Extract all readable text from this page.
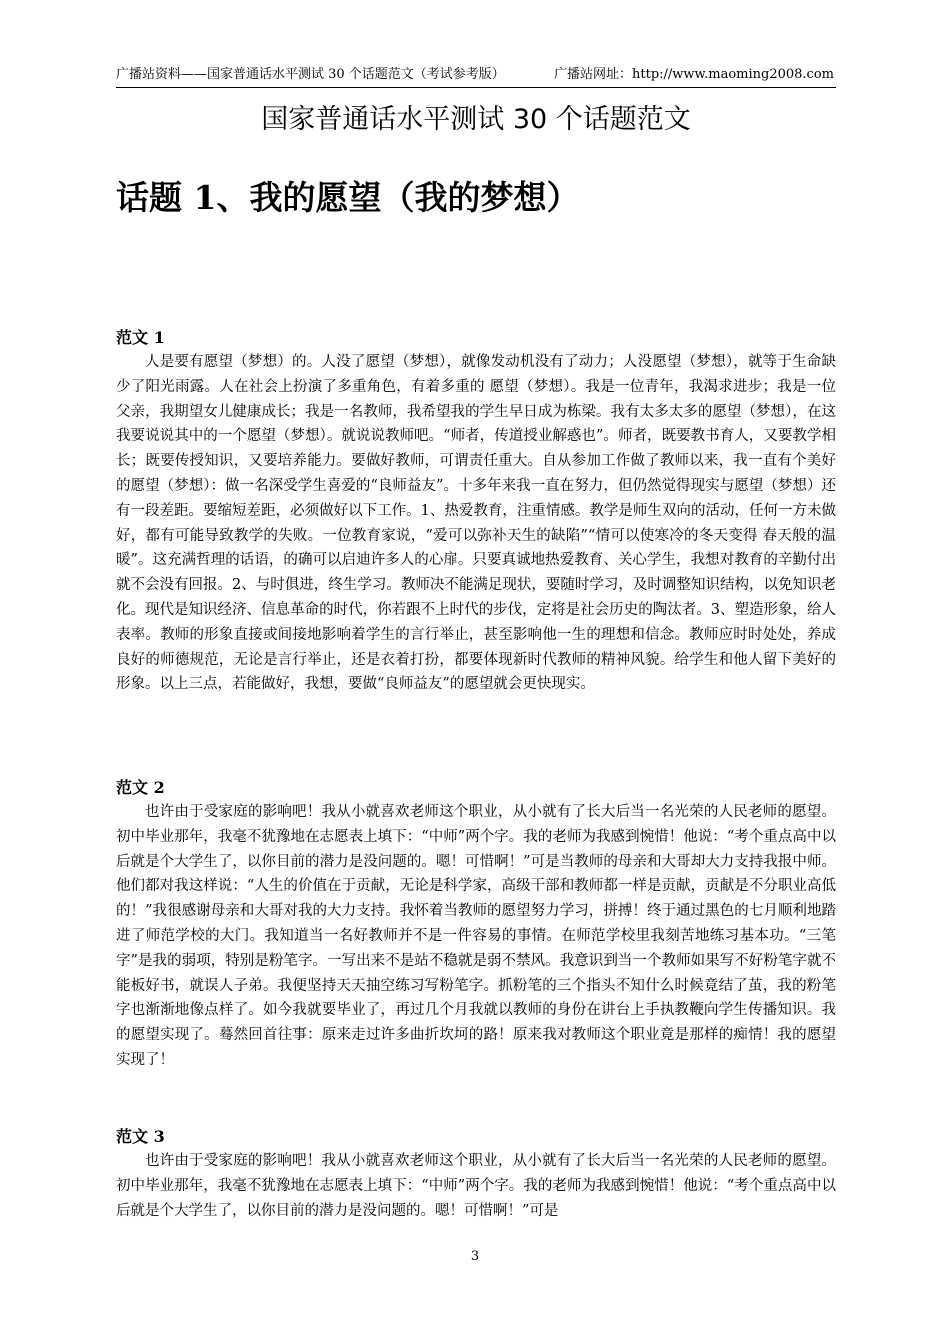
广播站资料——国家普通话水平测试 30 个话题范文（考试参考版）	广播站网址：http://www.maoming2008.com
国家普通话水平测试 30 个话题范文
话题 1、我的愿望（我的梦想）
范文 1

人是要有愿望（梦想）的。人没了愿望（梦想），就像发动机没有了动力；人没愿望（梦想），就等于生命缺少了阳光雨露。人在社会上扮演了多重角色，有着多重的 愿望（梦想）。我是一位青年，我渴求进步；我是一位父亲，我期望女儿健康成长；我是一名教师，我希望我的学生早日成为栋梁。我有太多太多的愿望（梦想），在这我要说说其中的一个愿望（梦想）。就说说教师吧。“师者，传道授业解惑也”。师者，既要教书育人，又要教学相长；既要传授知识，又要培养能力。要做好教师，可谓责任重大。自从参加工作做了教师以来，我一直有个美好的愿望（梦想）：做一名深受学生喜爱的“良师益友”。十多年来我一直在努力，但仍然觉得现实与愿望（梦想）还有一段差距。要缩短差距，必须做好以下工作。1、热爱教育，注重情感。教学是师生双向的活动，任何一方未做好，都有可能导致教学的失败。一位教育家说，“爱可以弥补天生的缺陷”“情可以使寒冷的冬天变得 春天般的温暖”。这充满哲理的话语，的确可以启迪许多人的心扉。只要真诚地热爱教育、关心学生，我想对教育的辛勤付出就不会没有回报。2、与时俱进，终生学习。教师决不能满足现状，要随时学习，及时调整知识结构，以免知识老化。现代是知识经济、信息革命的时代，你若跟不上时代的步伐，定将是社会历史的陶汰者。3、塑造形象，给人表率。教师的形象直接或间接地影响着学生的言行举止，甚至影响他一生的理想和信念。教师应时时处处，养成良好的师德规范，无论是言行举止，还是衣着打扮，都要体现新时代教师的精神风貌。给学生和他人留下美好的形象。以上三点，若能做好，我想，要做“良师益友”的愿望就会更快现实。

范文 2

也许由于受家庭的影响吧！我从小就喜欢老师这个职业，从小就有了长大后当一名光荣的人民老师的愿望。初中毕业那年，我毫不犹豫地在志愿表上填下：“中师”两个字。我的老师为我感到惋惜！他说：“考个重点高中以后就是个大学生了，以你目前的潜力是没问题的。嗯！可惜啊！”可是当教师的母亲和大哥却大力支持我报中师。他们都对我这样说：“人生的价值在于贡献，无论是科学家，高级干部和教师都一样是贡献，贡献是不分职业高低的！”我很感谢母亲和大哥对我的大力支持。我怀着当教师的愿望努力学习，拼搏！终于通过黑色的七月顺利地踏进了师范学校的大门。我知道当一名好教师并不是一件容易的事情。在师范学校里我刻苦地练习基本功。“三笔字”是我的弱项，特别是粉笔字。一写出来不是站不稳就是弱不禁风。我意识到当一个教师如果写不好粉笔字就不能板好书，就误人子弟。我便坚持天天抽空练习写粉笔字。抓粉笔的三个指头不知什么时候竟结了茧，我的粉笔字也渐渐地像点样了。如今我就要毕业了，再过几个月我就以教师的身份在讲台上手执教鞭向学生传播知识。我的愿望实现了。蓦然回首往事：原来走过许多曲折坎坷的路！原来我对教师这个职业竟是那样的痴情！我的愿望实现了！

范文 3

也许由于受家庭的影响吧！我从小就喜欢老师这个职业，从小就有了长大后当一名光荣的人民老师的愿望。初中毕业那年，我毫不犹豫地在志愿表上填下：“中师”两个字。我的老师为我感到惋惜！他说：“考个重点高中以后就是个大学生了，以你目前的潜力是没问题的。嗯！可惜啊！”可是

3
